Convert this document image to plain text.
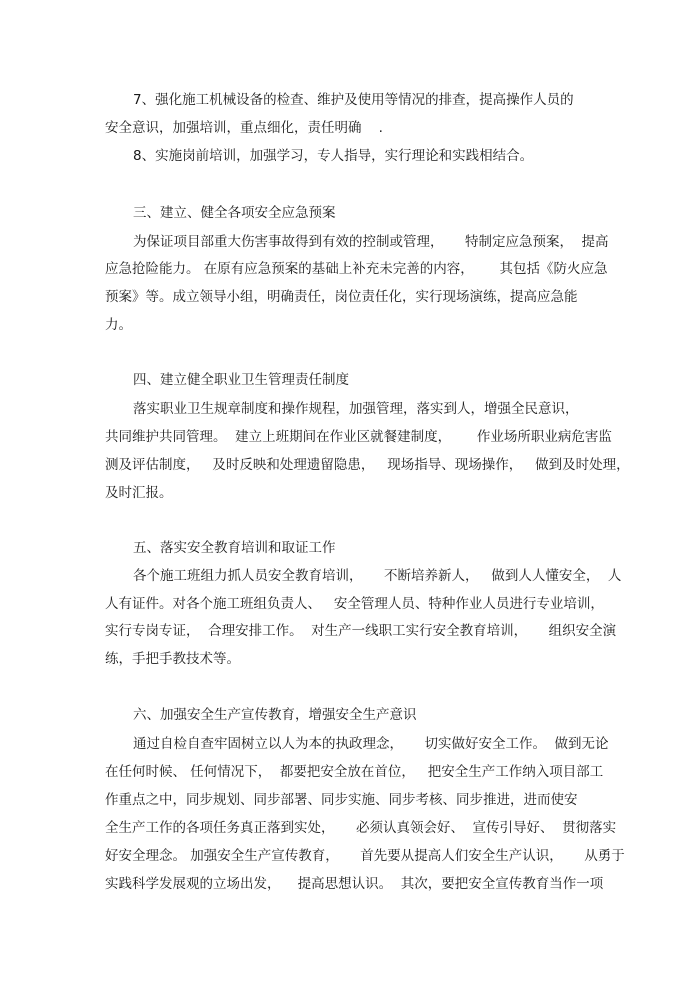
7、强化施工机械设备的检查、维护及使用等情况的排查，提高操作人员的
安全意识，加强培训，重点细化，责任明确    .
8、实施岗前培训，加强学习，专人指导，实行理论和实践相结合。
三、建立、健全各项安全应急预案
为保证项目部重大伤害事故得到有效的控制或管理，     特制定应急预案，  提高
应急抢险能力。 在原有应急预案的基础上补充未完善的内容，      其包括《防火应急
预案》等。成立领导小组，明确责任，岗位责任化，实行现场演练，提高应急能
力。
四、建立健全职业卫生管理责任制度
落实职业卫生规章制度和操作规程，加强管理，落实到人，增强全民意识，
共同维护共同管理。  建立上班期间在作业区就餐建制度，      作业场所职业病危害监
测及评估制度，   及时反映和处理遗留隐患，   现场指导、现场操作，   做到及时处理，
及时汇报。
五、落实安全教育培训和取证工作
各个施工班组力抓人员安全教育培训，     不断培养新人，   做到人人懂安全，  人
人有证件。对各个施工班组负责人、   安全管理人员、特种作业人员进行专业培训，
实行专岗专证，  合理安排工作。  对生产一线职工实行安全教育培训，     组织安全演
练，手把手教技术等。
六、加强安全生产宣传教育，增强安全生产意识
通过自检自查牢固树立以人为本的执政理念，     切实做好安全工作。  做到无论
在任何时候、 任何情况下，  都要把安全放在首位，   把安全生产工作纳入项目部工
作重点之中，同步规划、同步部署、同步实施、同步考核、同步推进，进而使安
全生产工作的各项任务真正落到实处，     必须认真领会好、  宣传引导好、  贯彻落实
好安全理念。 加强安全生产宣传教育，     首先要从提高人们安全生产认识，     从勇于
实践科学发展观的立场出发，    提高思想认识。  其次，要把安全宣传教育当作一项
